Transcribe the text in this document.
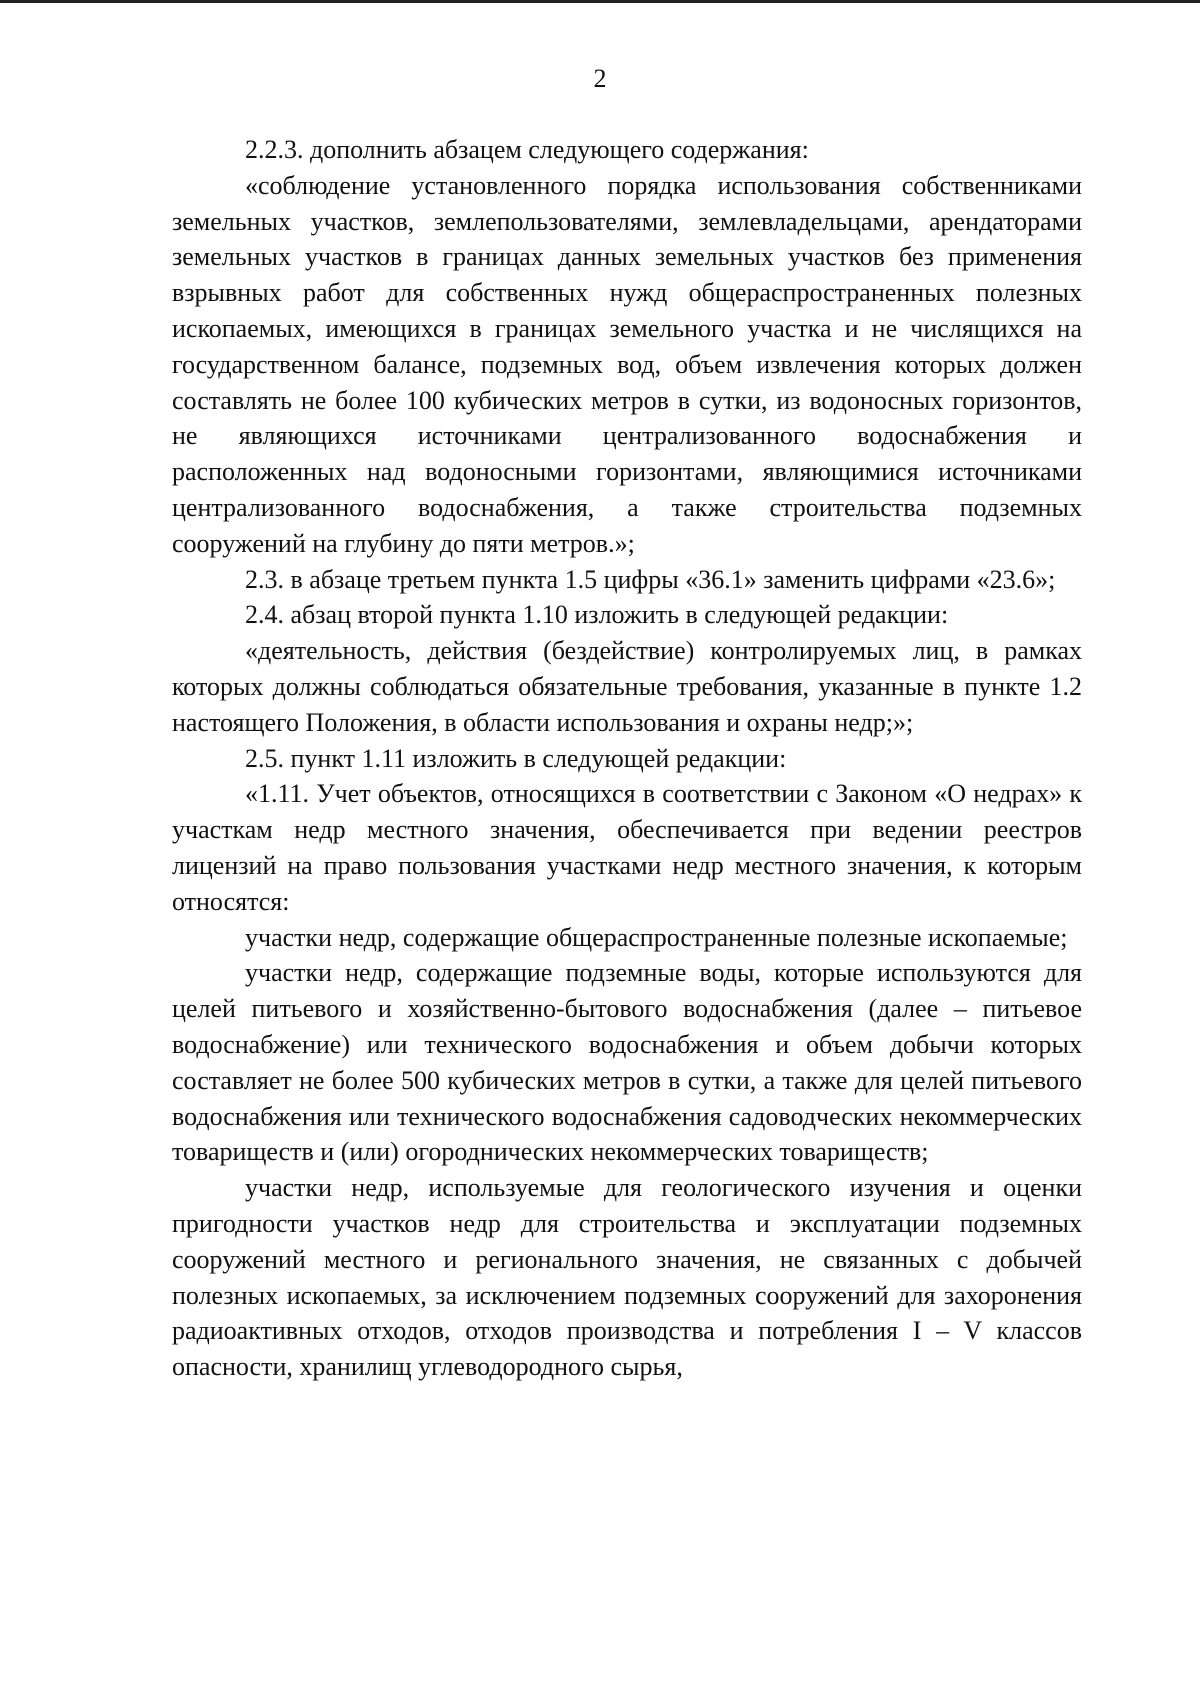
2

2.2.3. дополнить абзацем следующего содержания:

«соблюдение установленного порядка использования собственниками земельных участков, землепользователями, землевладельцами, арендаторами земельных участков в границах данных земельных участков без применения взрывных работ для собственных нужд общераспространенных полезных ископаемых, имеющихся в границах земельного участка и не числящихся на государственном балансе, подземных вод, объем извлечения которых должен составлять не более 100 кубических метров в сутки, из водоносных горизонтов, не являющихся источниками централизованного водоснабжения и расположенных над водоносными горизонтами, являющимися источниками централизованного водоснабжения, а также строительства подземных сооружений на глубину до пяти метров.»;

2.3. в абзаце третьем пункта 1.5 цифры «36.1» заменить цифрами «23.6»;

2.4. абзац второй пункта 1.10 изложить в следующей редакции:

«деятельность, действия (бездействие) контролируемых лиц, в рамках которых должны соблюдаться обязательные требования, указанные в пункте 1.2 настоящего Положения, в области использования и охраны недр;»;

2.5. пункт 1.11 изложить в следующей редакции:

«1.11. Учет объектов, относящихся в соответствии с Законом «О недрах» к участкам недр местного значения, обеспечивается при ведении реестров лицензий на право пользования участками недр местного значения, к которым относятся:

участки недр, содержащие общераспространенные полезные ископаемые;

участки недр, содержащие подземные воды, которые используются для целей питьевого и хозяйственно-бытового водоснабжения (далее – питьевое водоснабжение) или технического водоснабжения и объем добычи которых составляет не более 500 кубических метров в сутки, а также для целей питьевого водоснабжения или технического водоснабжения садоводческих некоммерческих товариществ и (или) огороднических некоммерческих товариществ;

участки недр, используемые для геологического изучения и оценки пригодности участков недр для строительства и эксплуатации подземных сооружений местного и регионального значения, не связанных с добычей полезных ископаемых, за исключением подземных сооружений для захоронения радиоактивных отходов, отходов производства и потребления I – V классов опасности, хранилищ углеводородного сырья,
